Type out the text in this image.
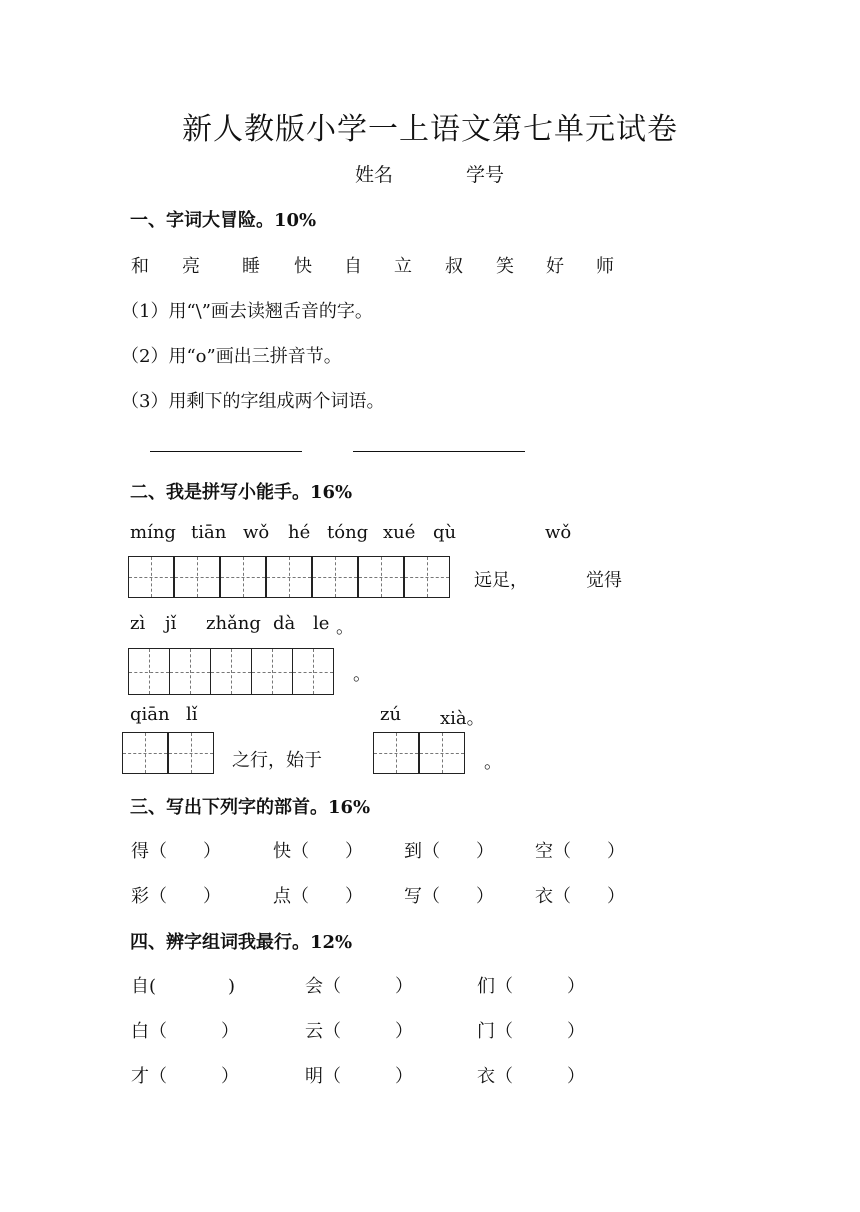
新人教版小学一上语文第七单元试卷
姓名	学号
一、字词大冒险。10%
和 亮 睡 快 自 立 叔 笑 好 师
（1）用“\”画去读翘舌音的字。
（2）用“o”画出三拼音节。
（3）用剩下的字组成两个词语。
二、我是拼写小能手。16%
míng tiān wǒ hé tóng xué qù	wǒ
远足，	觉得
zì jǐ zhǎng dà le 。
。
qiān lǐ	zú xià。
之行，始于	。
三、写出下列字的部首。16%
得（　　）	快（　　） 到（　　） 空（　　）
彩（　　）	点（　　） 写（　　） 衣（　　）
四、辨字组词我最行。12%
自(　　　　)	会（　　　）	们（　　　）
白（　　　）	云（　　　）	门（　　　）
才（　　　）	明（　　　）	衣（　　　）
